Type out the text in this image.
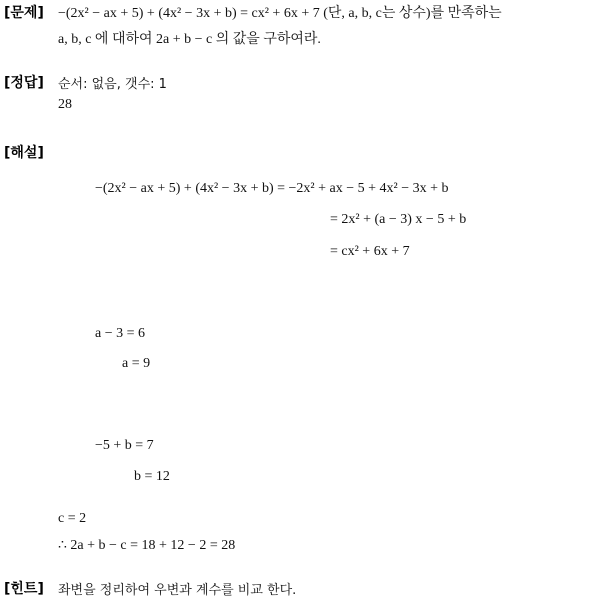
[문제] −(2x² − ax + 5) + (4x² − 3x + b) = cx² + 6x + 7 (단, a, b, c는 상수)를 만족하는
a, b, c 에 대하여 2a + b − c 의 값을 구하여라.
[정답] 순서: 없음, 갯수: 1
28
[해설]
−(2x² − ax + 5) + (4x² − 3x + b) = −2x² + ax − 5 + 4x² − 3x + b
= 2x² + (a − 3) x − 5 + b
= cx² + 6x + 7
a − 3 = 6
a = 9
−5 + b = 7
b = 12
c = 2
∴ 2a + b − c = 18 + 12 − 2 = 28
[힌트] 좌변을 정리하여 우변과 계수를 비교 한다.
